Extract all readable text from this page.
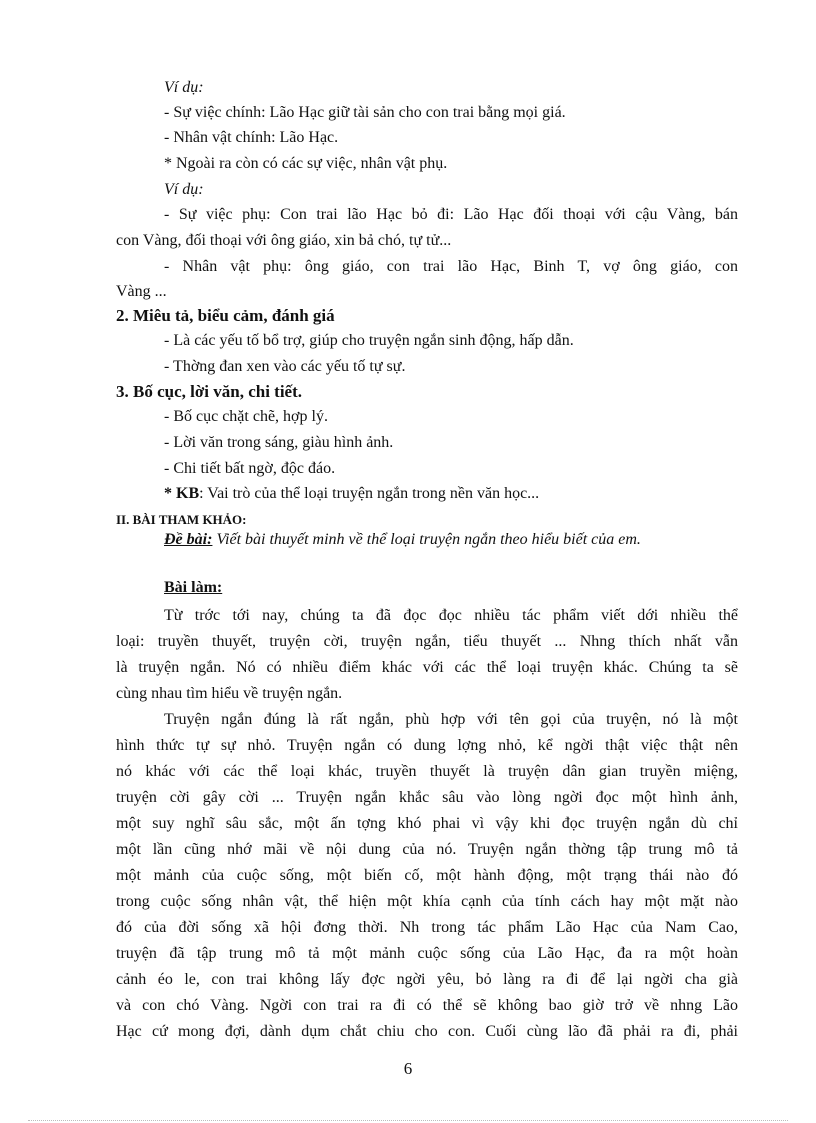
Ví dụ:
- Sự việc chính: Lão Hạc giữ tài sản cho con trai bằng mọi giá.
- Nhân vật chính: Lão Hạc.
* Ngoài ra còn có các sự việc, nhân vật phụ.
Ví dụ:
- Sự việc phụ: Con trai lão Hạc bỏ đi: Lão Hạc đối thoại với cậu Vàng, bán
con Vàng, đối thoại với ông giáo, xin bả chó, tự tử...
- Nhân vật phụ: ông giáo, con trai lão Hạc, Binh T, vợ ông giáo, con
Vàng ...
2. Miêu tả, biểu cảm, đánh giá
- Là các yếu tố bổ trợ, giúp cho truyện ngắn sinh động, hấp dẫn.
- Thờng đan xen vào các yếu tố tự sự.
3. Bố cục, lời văn, chi tiết.
- Bố cục chặt chẽ, hợp lý.
- Lời văn trong sáng, giàu hình ảnh.
- Chi tiết bất ngờ, độc đáo.
* KB: Vai trò của thể loại truyện ngắn trong nền văn học...
II. BÀI THAM KHẢO:
Đề bài: Viết bài thuyết minh về thể loại truyện ngắn theo hiểu biết của em.
Bài làm:
Từ trớc tới nay, chúng ta đã đọc đọc nhiều tác phẩm viết dới nhiều thể
loại: truyền thuyết, truyện cời, truyện ngắn, tiểu thuyết ... Nhng thích nhất vẫn
là truyện ngắn. Nó có nhiều điểm khác với các thể loại truyện khác. Chúng ta sẽ
cùng nhau tìm hiểu về truyện ngắn.
Truyện ngắn đúng là rất ngắn, phù hợp với tên gọi của truyện, nó là một
hình thức tự sự nhỏ. Truyện ngắn có dung lợng nhỏ, kể ngời thật việc thật nên
nó khác với các thể loại khác, truyền thuyết là truyện dân gian truyền miệng,
truyện cời gây cời ... Truyện ngắn khắc sâu vào lòng ngời đọc một hình ảnh,
một suy nghĩ sâu sắc, một ấn tợng khó phai vì vậy khi đọc truyện ngắn dù chỉ
một lần cũng nhớ mãi về nội dung của nó. Truyện ngắn thờng tập trung mô tả
một mảnh của cuộc sống, một biến cố, một hành động, một trạng thái nào đó
trong cuộc sống nhân vật, thể hiện một khía cạnh của tính cách hay một mặt nào
đó của đời sống xã hội đơng thời. Nh trong tác phẩm Lão Hạc của Nam Cao,
truyện đã tập trung mô tả một mảnh cuộc sống của Lão Hạc, đa ra một hoàn
cảnh éo le, con trai không lấy đợc ngời yêu, bỏ làng ra đi để lại ngời cha già
và con chó Vàng. Ngời con trai ra đi có thể sẽ không bao giờ trở về nhng Lão
Hạc cứ mong đợi, dành dụm chắt chiu cho con. Cuối cùng lão đã phải ra đi, phải
6
